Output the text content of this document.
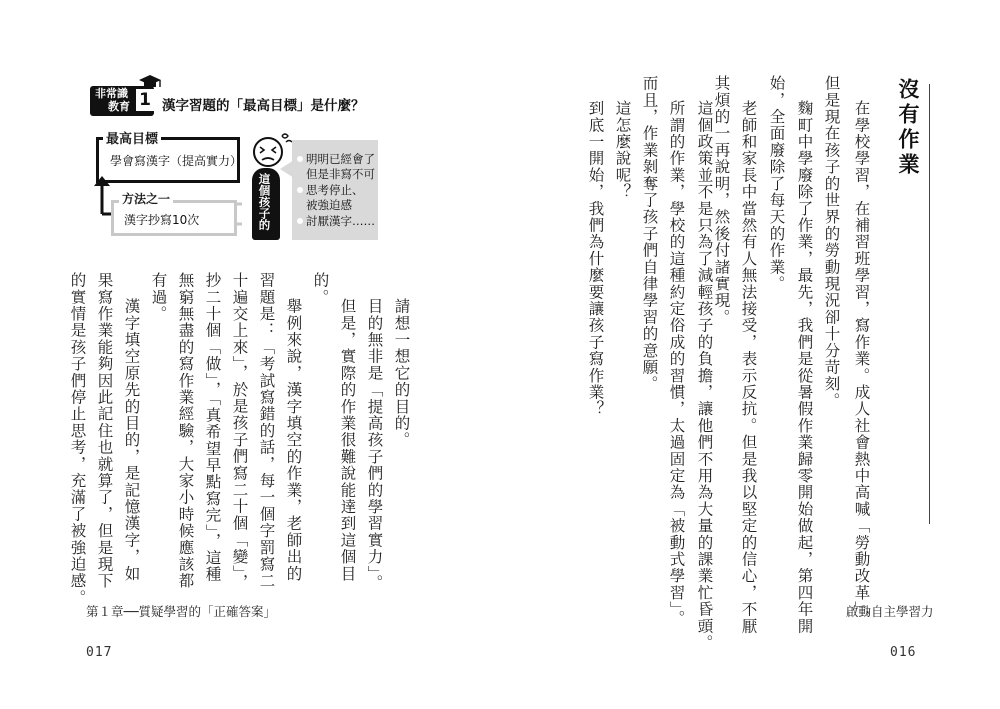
沒有作業
在學校學習，在補習班學習，寫作業。成人社會熱中高喊「勞動改革」，
但是現在孩子的世界的勞動現況卻十分苛刻。
麴町中學廢除了作業，最先，我們是從暑假作業歸零開始做起，第四年開
始，全面廢除了每天的作業。
老師和家長中當然有人無法接受，表示反抗。但是我以堅定的信心，不厭
其煩的一再說明，然後付諸實現。
這個政策並不是只為了減輕孩子的負擔，讓他們不用為大量的課業忙昏頭。
所謂的作業，學校的這種約定俗成的習慣，太過固定為「被動式學習」。
而且，作業剝奪了孩子們自律學習的意願。
這怎麼說呢？
到底一開始，我們為什麼要讓孩子寫作業？
啟動自主學習力
016
非常識
教育 1 漢字習題的「最高目標」是什麼？
最高目標
學會寫漢字（提高實力）
方法之一
漢字抄寫10次	這個孩子的
明明已經會了
但是非寫不可
思考停止、
被強迫感
討厭漢字……
請想一想它的目的。
目的無非是「提高孩子們的學習實力」。
但是，實際的作業很難說能達到這個目
的。
舉例來說，漢字填空的作業，老師出的
習題是：「考試寫錯的話，每一個字罰寫二
十遍交上來」，於是孩子們寫二十個「變」，
抄二十個「做」，「真希望早點寫完」，這種
無窮無盡的寫作業經驗，大家小時候應該都
有過。
漢字填空原先的目的，是記憶漢字，如
果寫作業能夠因此記住也就算了，但是現下
的實情是孩子們停止思考，充滿了被強迫感。
第１章──質疑學習的「正確答案」
017
